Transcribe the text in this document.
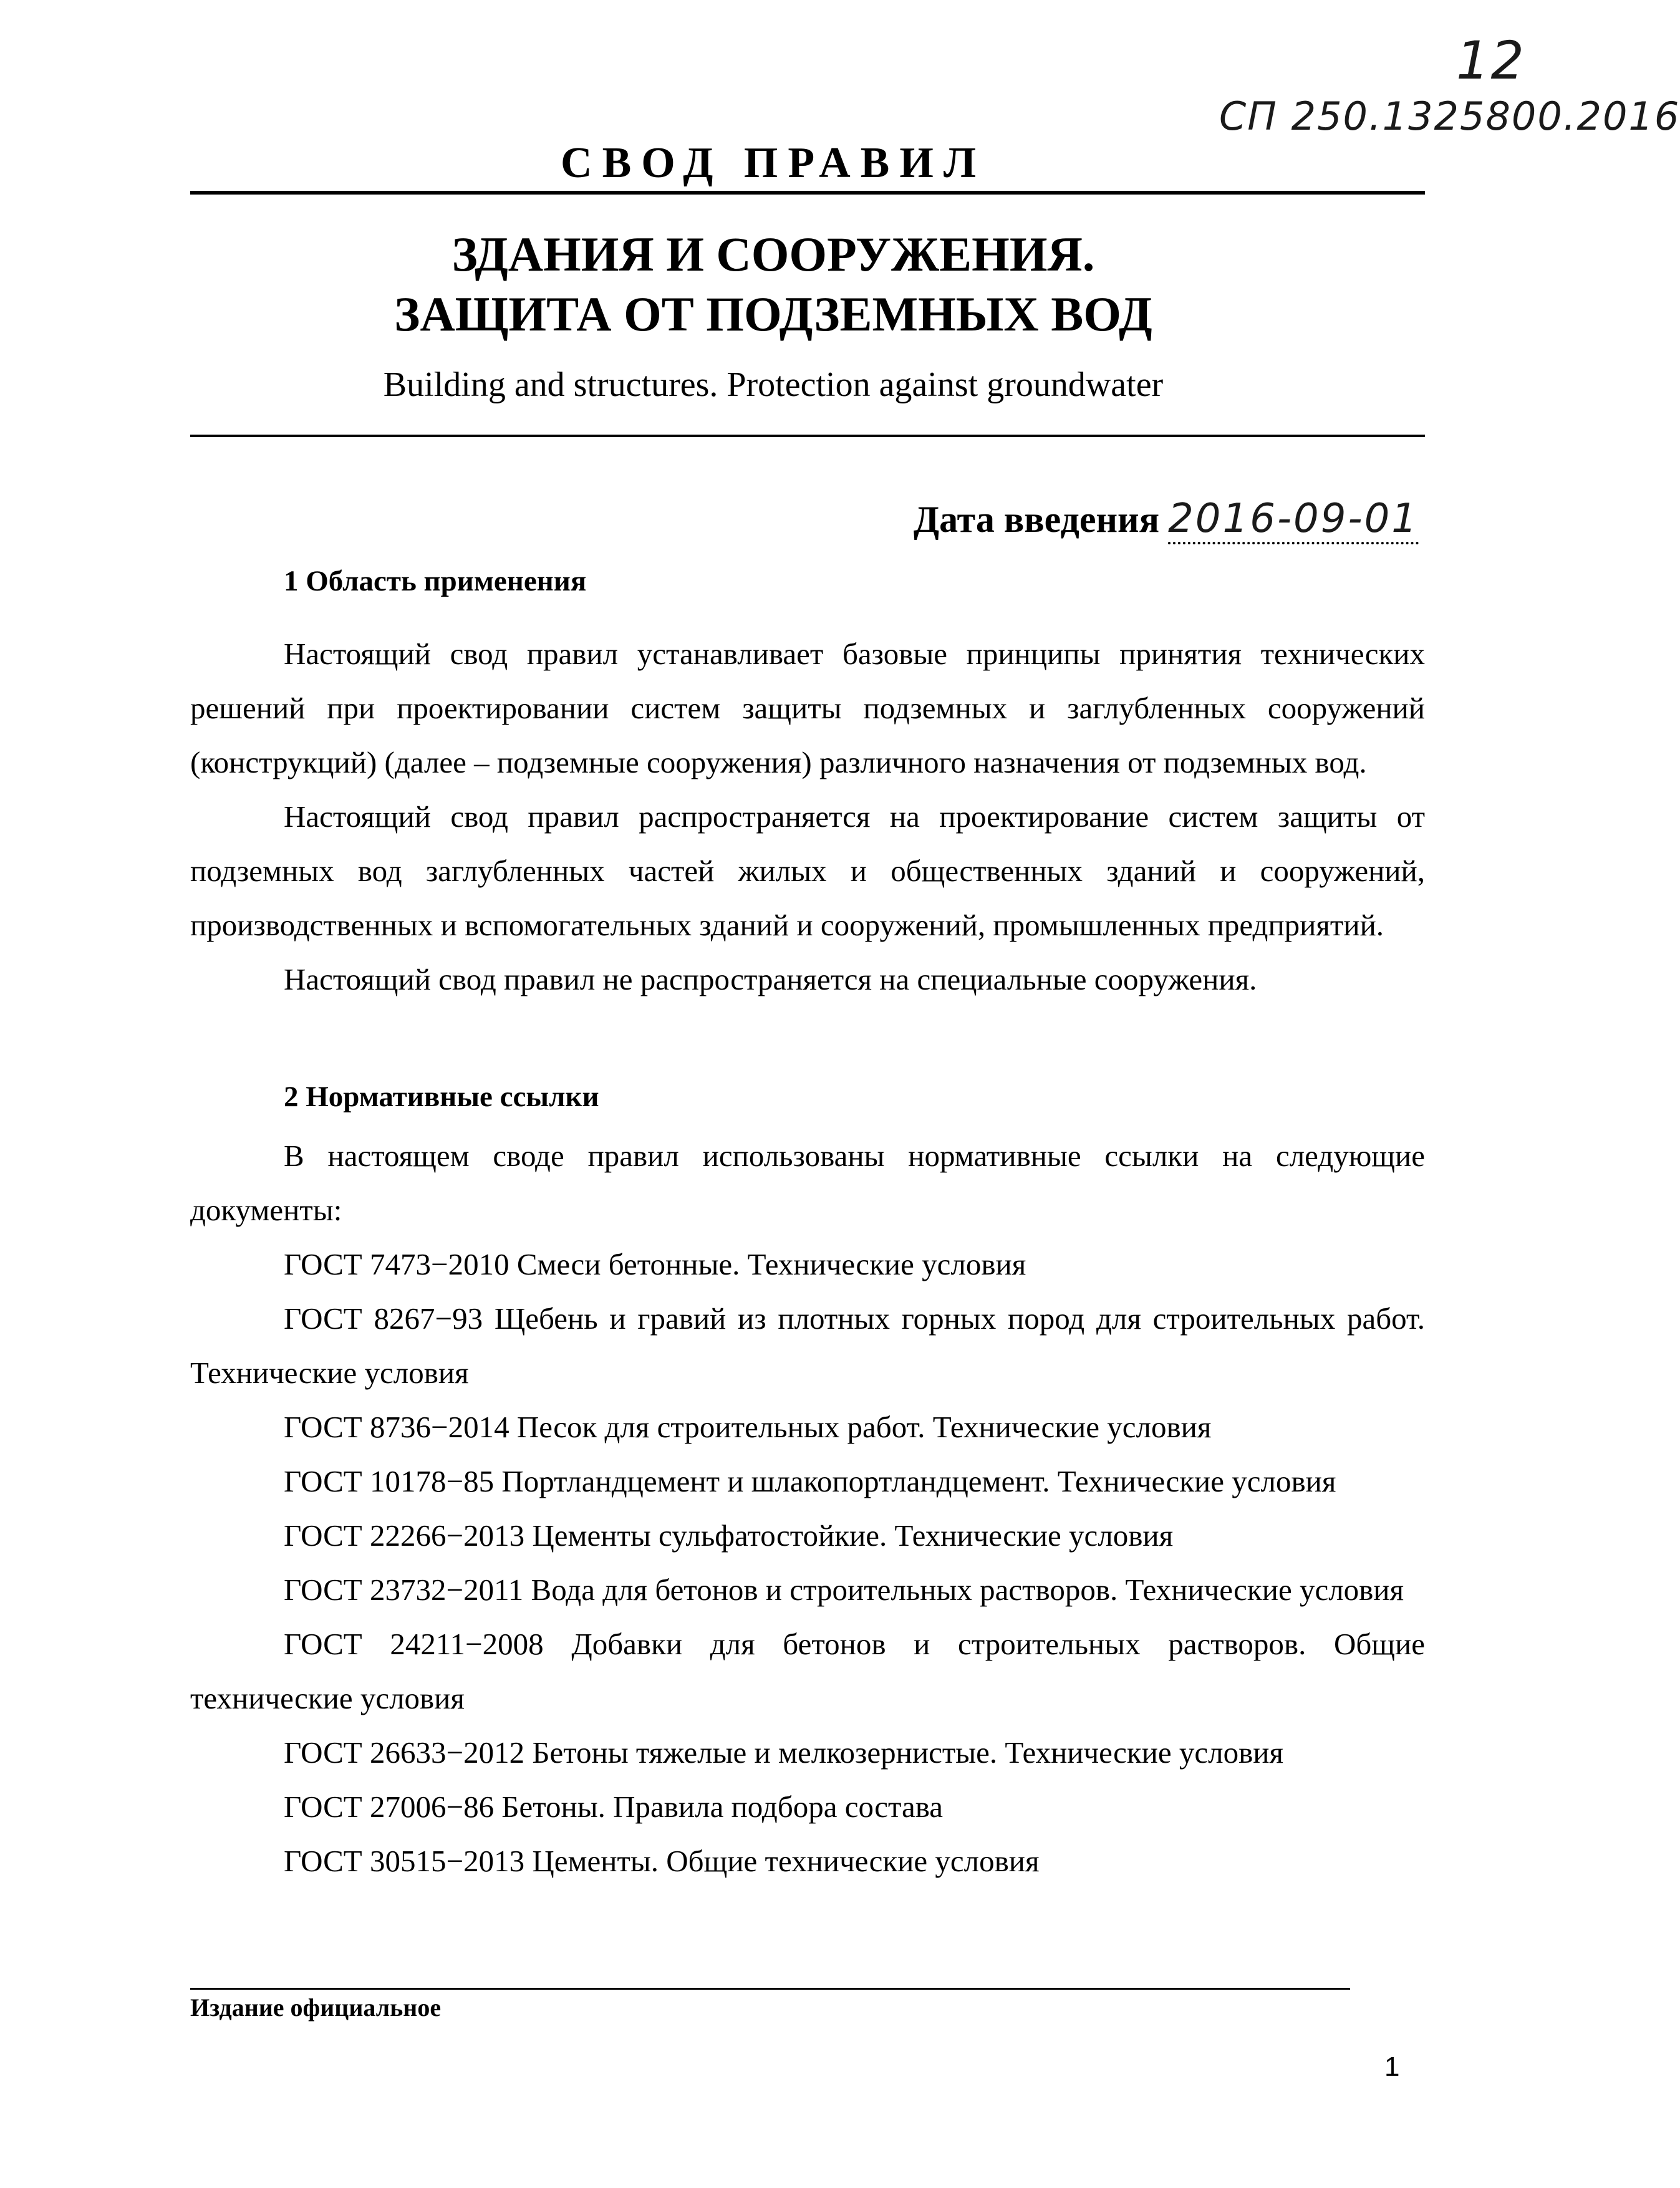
12
СП 250.1325800.2016
СВОД ПРАВИЛ
ЗДАНИЯ И СООРУЖЕНИЯ.
ЗАЩИТА ОТ ПОДЗЕМНЫХ ВОД
Building and structures. Protection against groundwater
Дата введения 2016-09-01
1 Область применения
Настоящий свод правил устанавливает базовые принципы принятия технических решений при проектировании систем защиты подземных и заглубленных сооружений (конструкций) (далее – подземные сооружения) различного назначения от подземных вод.
Настоящий свод правил распространяется на проектирование систем защиты от подземных вод заглубленных частей жилых и общественных зданий и сооружений, производственных и вспомогательных зданий и сооружений, промышленных предприятий.
Настоящий свод правил не распространяется на специальные сооружения.
2 Нормативные ссылки
В настоящем своде правил использованы нормативные ссылки на следующие документы:
ГОСТ 7473−2010 Смеси бетонные. Технические условия
ГОСТ 8267−93 Щебень и гравий из плотных горных пород для строительных работ. Технические условия
ГОСТ 8736−2014 Песок для строительных работ. Технические условия
ГОСТ 10178−85 Портландцемент и шлакопортландцемент. Технические условия
ГОСТ 22266−2013 Цементы сульфатостойкие. Технические условия
ГОСТ 23732−2011 Вода для бетонов и строительных растворов. Технические условия
ГОСТ 24211−2008 Добавки для бетонов и строительных растворов. Общие технические условия
ГОСТ 26633−2012 Бетоны тяжелые и мелкозернистые. Технические условия
ГОСТ 27006−86 Бетоны. Правила подбора состава
ГОСТ 30515−2013 Цементы. Общие технические условия
Издание официальное
1
